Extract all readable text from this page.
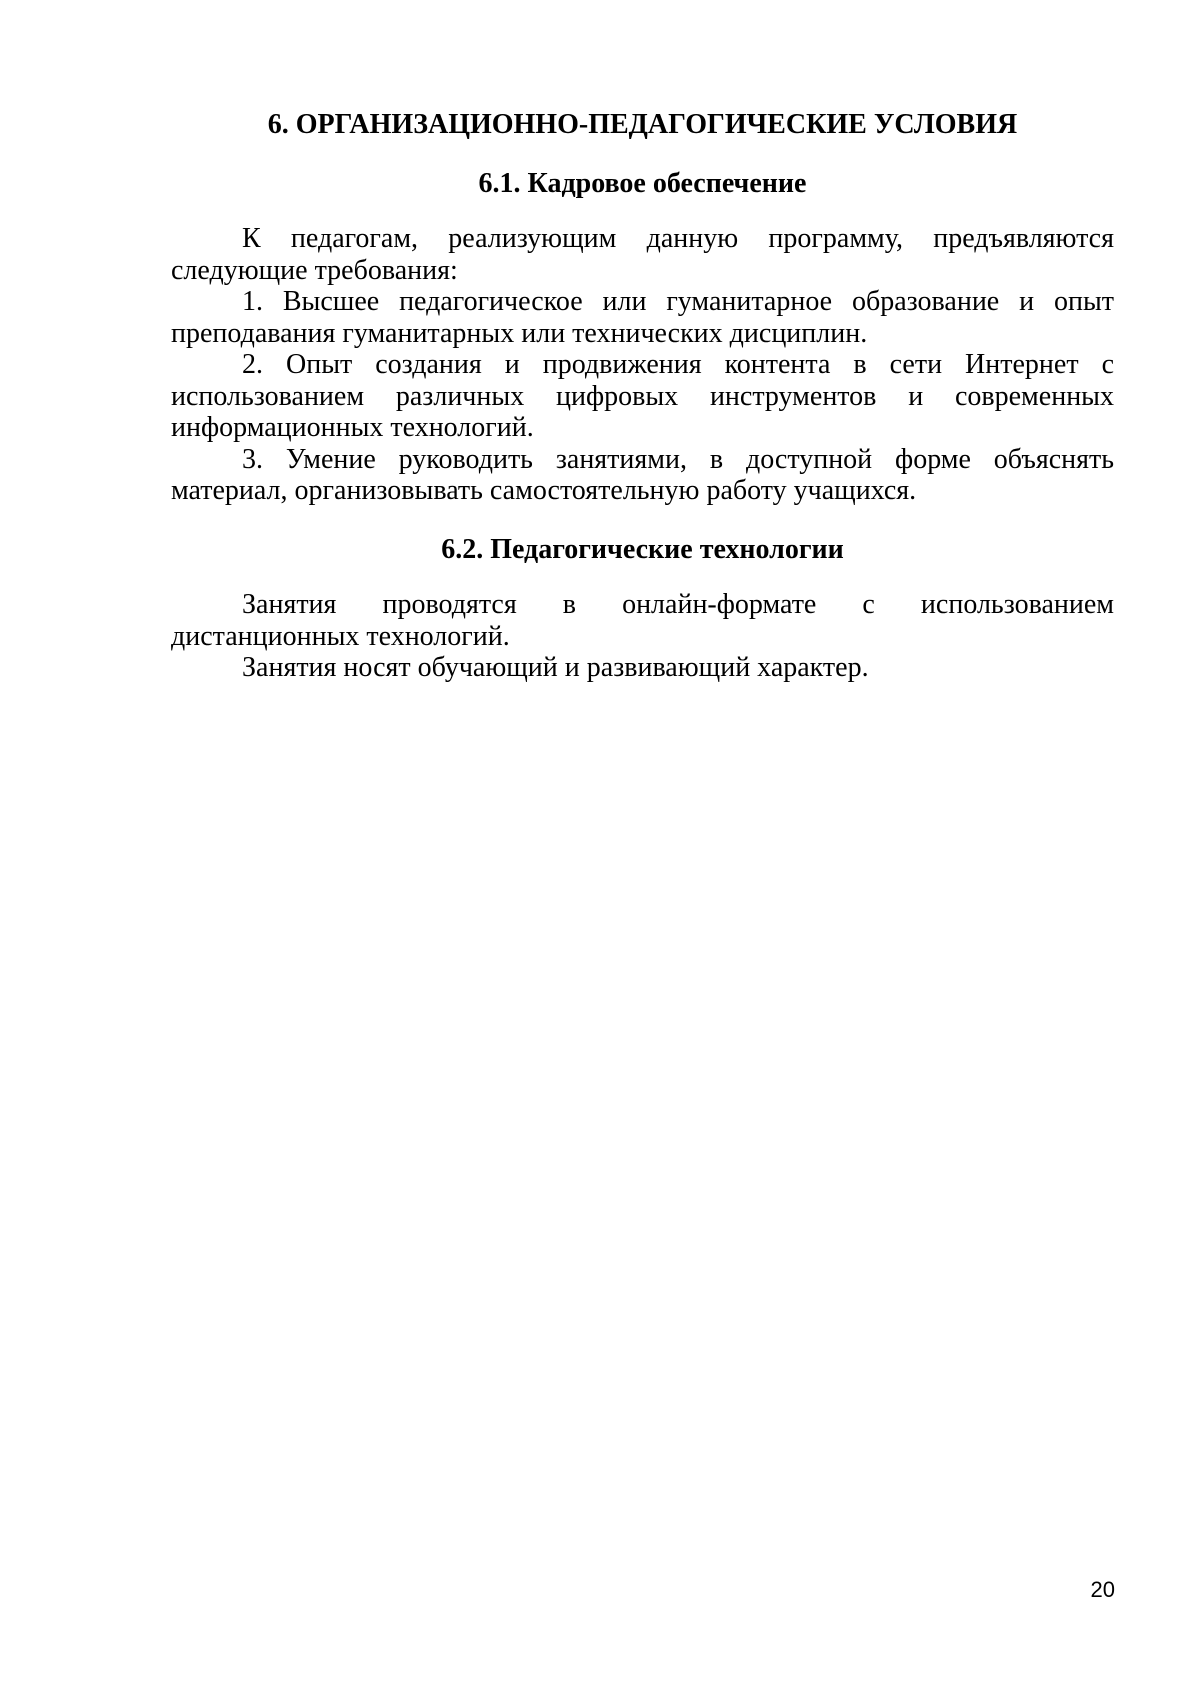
6. ОРГАНИЗАЦИОННО-ПЕДАГОГИЧЕСКИЕ УСЛОВИЯ
6.1. Кадровое обеспечение

К педагогам, реализующим данную программу, предъявляются следующие требования:

1. Высшее педагогическое или гуманитарное образование и опыт преподавания гуманитарных или технических дисциплин.

2. Опыт создания и продвижения контента в сети Интернет с использованием различных цифровых инструментов и современных информационных технологий.

3. Умение руководить занятиями, в доступной форме объяснять материал, организовывать самостоятельную работу учащихся.

6.2. Педагогические технологии

Занятия проводятся в онлайн-формате с использованием дистанционных технологий.

Занятия носят обучающий и развивающий характер.

20
